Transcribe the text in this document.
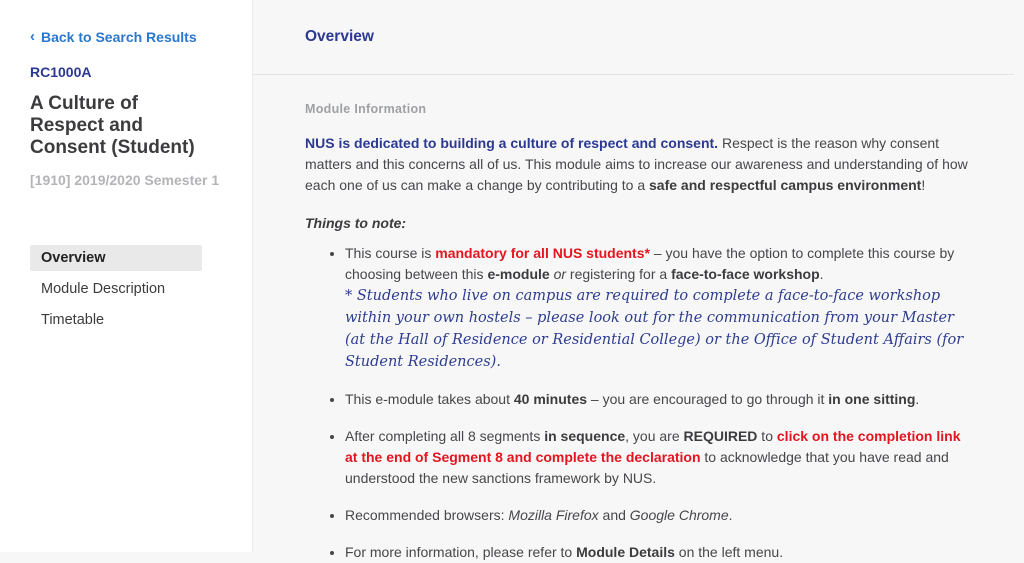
‹ Back to Search Results
RC1000A
A Culture of Respect and Consent (Student)
[1910] 2019/2020 Semester 1
Overview
Module Description
Timetable
Overview
Module Information

NUS is dedicated to building a culture of respect and consent. Respect is the reason why consent matters and this concerns all of us. This module aims to increase our awareness and understanding of how each one of us can make a change by contributing to a safe and respectful campus environment!

Things to note:

• This course is mandatory for all NUS students* – you have the option to complete this course by choosing between this e-module or registering for a face-to-face workshop.
* Students who live on campus are required to complete a face-to-face workshop within your own hostels – please look out for the communication from your Master (at the Hall of Residence or Residential College) or the Office of Student Affairs (for Student Residences).
• This e-module takes about 40 minutes – you are encouraged to go through it in one sitting.
• After completing all 8 segments in sequence, you are REQUIRED to click on the completion link at the end of Segment 8 and complete the declaration to acknowledge that you have read and understood the new sanctions framework by NUS.
• Recommended browsers: Mozilla Firefox and Google Chrome.
• For more information, please refer to Module Details on the left menu.
